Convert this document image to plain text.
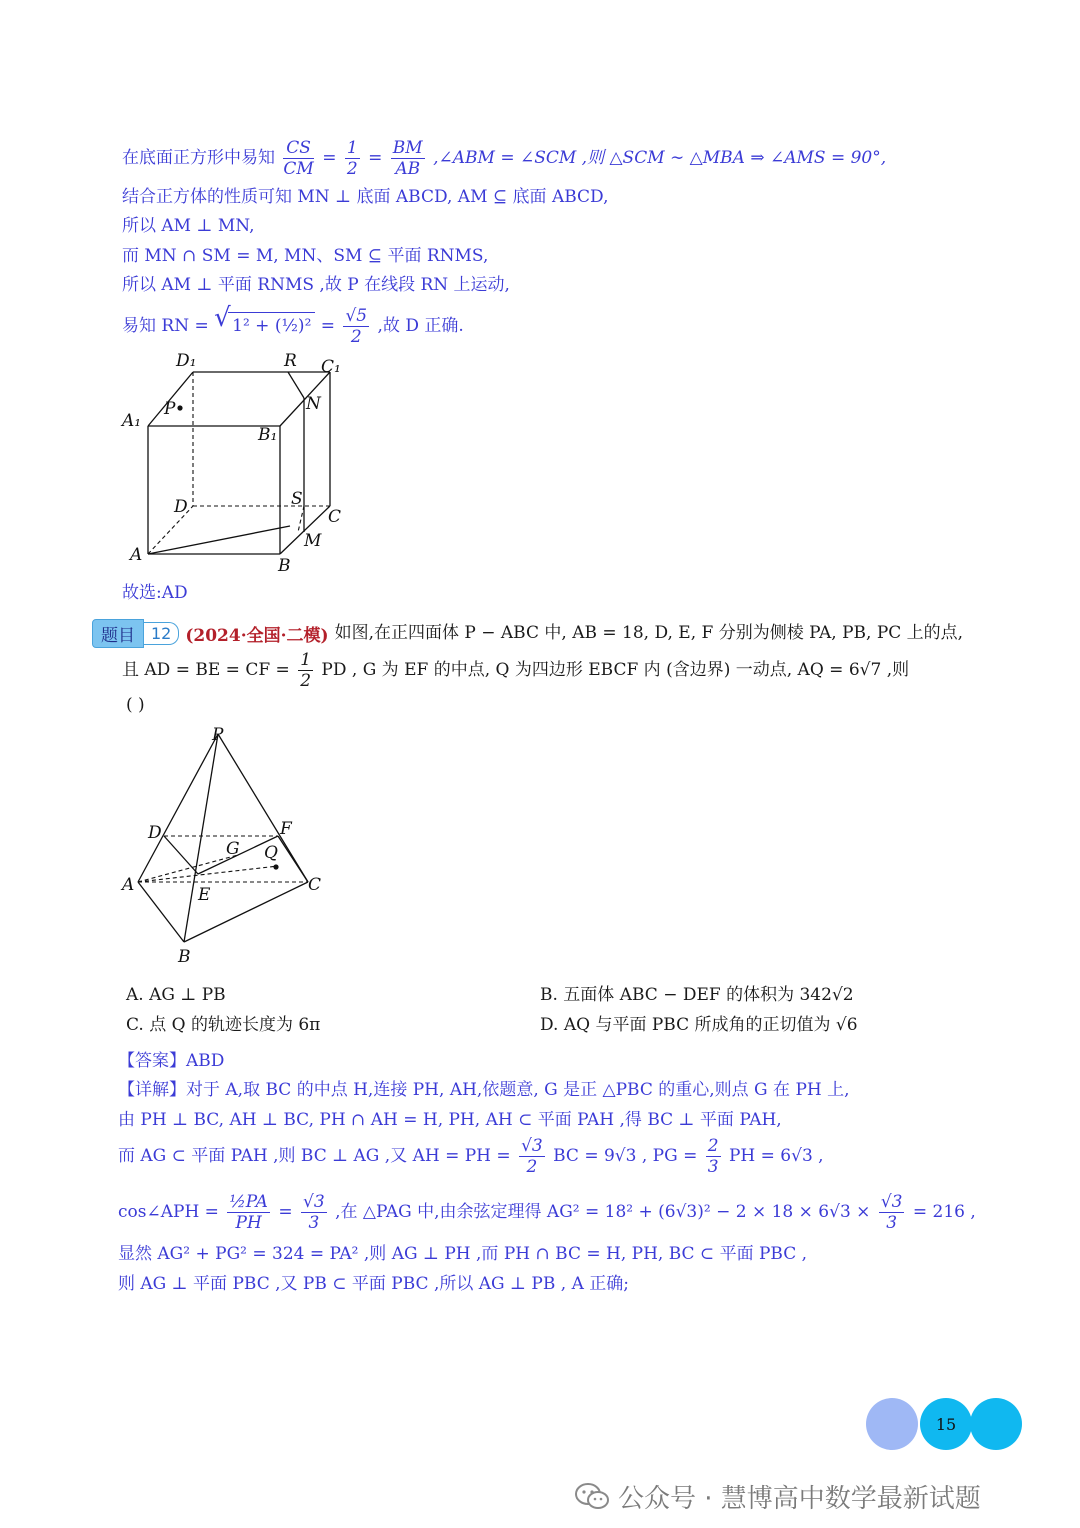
在底面正方形中易知 $\frac{CS}{CM} = \frac{1}{2} = \frac{BM}{AB}$ ,∠ABM = ∠SCM ,则 △SCM ∼ △MBA ⇒ ∠AMS = 90°,
结合正方体的性质可知 MN ⊥ 底面 ABCD, AM ⊆ 底面 ABCD,
所以 AM ⊥ MN,
而 MN ∩ SM = M, MN、SM ⊆ 平面 RNMS,
所以 AM ⊥ 平面 RNMS ,故 P 在线段 RN 上运动,
易知 RN = √ 1² + (½)² = $\frac{√5}{2}$ ,故 D 正确.
D₁	R C₁
A₁
P	N
B₁
D	S
C
A
M
B
故选:AD
题目	12 (2024·全国·二模) 如图,在正四面体 P − ABC 中, AB = 18, D, E, F 分别为侧棱 PA, PB, PC 上的点,
且 AD = BE = CF = $\frac{1}{2}$ PD , G 为 EF 的中点, Q 为四边形 EBCF 内 (含边界) 一动点, AQ = 6√7 ,则
( )
P
D	F
G Q
A	E	C
B
A. AG ⊥ PB	B. 五面体 ABC − DEF 的体积为 342√2
C. 点 Q 的轨迹长度为 6π	D. AQ 与平面 PBC 所成角的正切值为 √6
【答案】ABD
【详解】对于 A,取 BC 的中点 H,连接 PH, AH,依题意, G 是正 △PBC 的重心,则点 G 在 PH 上,
由 PH ⊥ BC, AH ⊥ BC, PH ∩ AH = H, PH, AH ⊂ 平面 PAH ,得 BC ⊥ 平面 PAH,
而 AG ⊂ 平面 PAH ,则 BC ⊥ AG ,又 AH = PH = $\frac{√3}{2}$ BC = 9√3 , PG = $\frac{2}{3}$ PH = 6√3 ,
cos∠APH = $\frac{\text{½PA}}{PH} = \frac{√3}{3}$ ,在 △PAG 中,由余弦定理得 $AG^2 = 18^2 + (6√3)^2 - 2 \times 18 \times 6√3 \times \frac{√3}{3} = 216$ ,
显然 AG² + PG² = 324 = PA² ,则 AG ⊥ PH ,而 PH ∩ BC = H, PH, BC ⊂ 平面 PBC ,
则 AG ⊥ 平面 PBC ,又 PB ⊂ 平面 PBC ,所以 AG ⊥ PB , A 正确;
15
公众号 · 慧博高中数学最新试题
